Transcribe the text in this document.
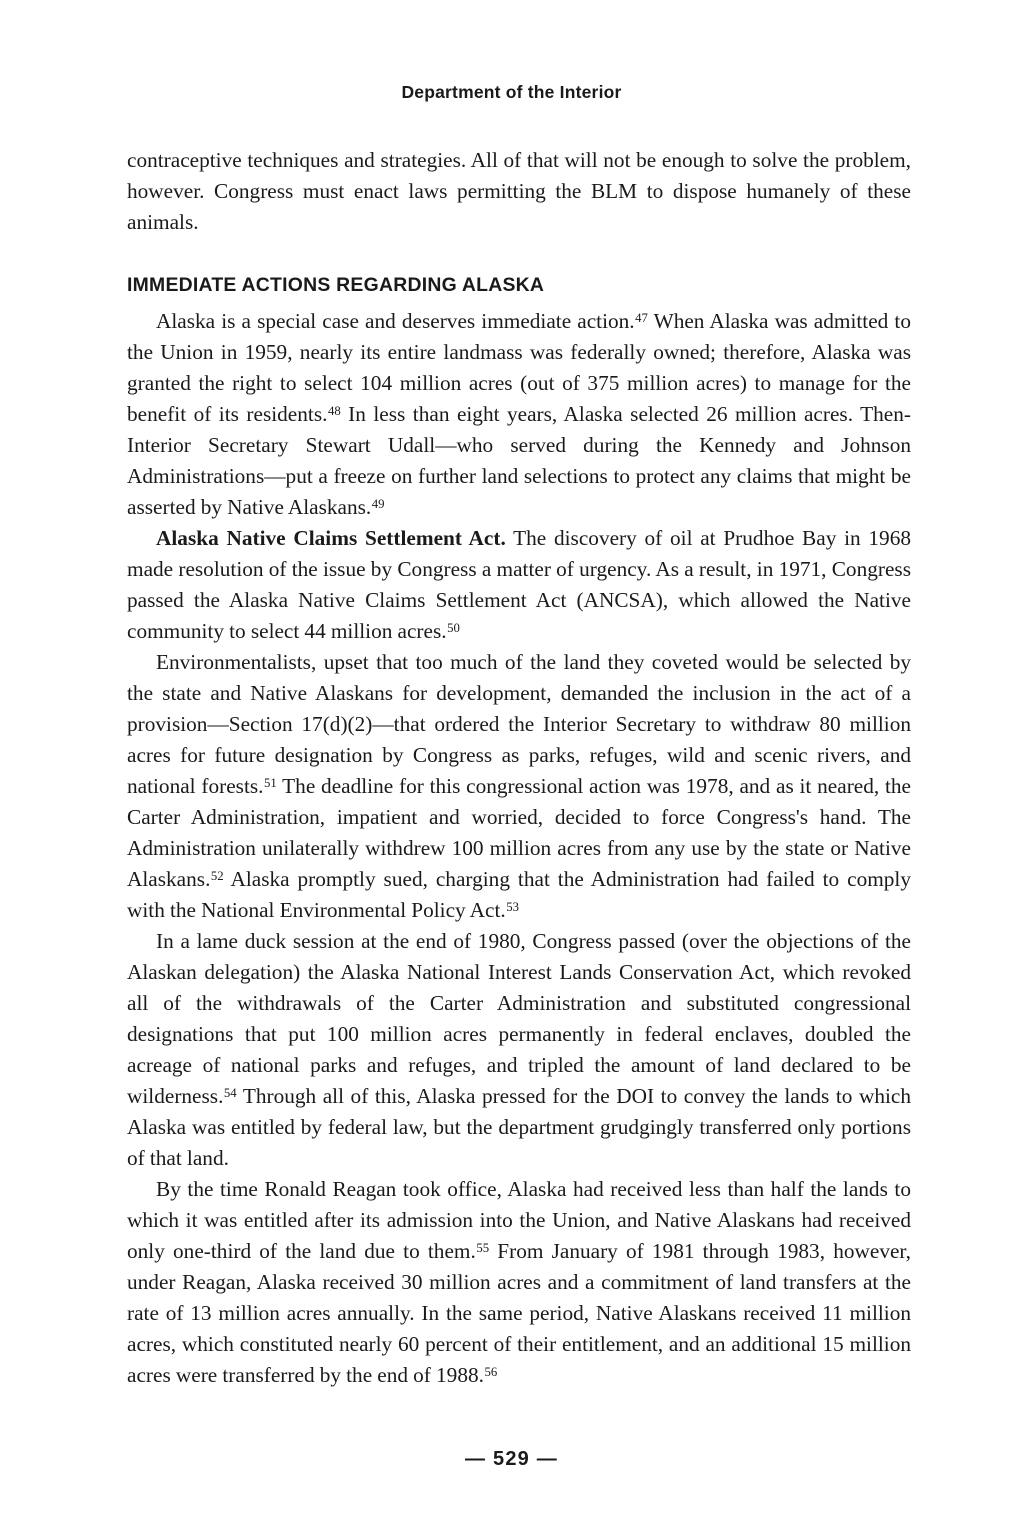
Department of the Interior

contraceptive techniques and strategies. All of that will not be enough to solve the problem, however. Congress must enact laws permitting the BLM to dispose humanely of these animals.

IMMEDIATE ACTIONS REGARDING ALASKA

Alaska is a special case and deserves immediate action.$^{47}$ When Alaska was admitted to the Union in 1959, nearly its entire landmass was federally owned; therefore, Alaska was granted the right to select 104 million acres (out of 375 million acres) to manage for the benefit of its residents.$^{48}$ In less than eight years, Alaska selected 26 million acres. Then-Interior Secretary Stewart Udall—who served during the Kennedy and Johnson Administrations—put a freeze on further land selections to protect any claims that might be asserted by Native Alaskans.$^{49}$

Alaska Native Claims Settlement Act. The discovery of oil at Prudhoe Bay in 1968 made resolution of the issue by Congress a matter of urgency. As a result, in 1971, Congress passed the Alaska Native Claims Settlement Act (ANCSA), which allowed the Native community to select 44 million acres.$^{50}$

Environmentalists, upset that too much of the land they coveted would be selected by the state and Native Alaskans for development, demanded the inclusion in the act of a provision—Section 17(d)(2)—that ordered the Interior Secretary to withdraw 80 million acres for future designation by Congress as parks, refuges, wild and scenic rivers, and national forests.$^{51}$ The deadline for this congressional action was 1978, and as it neared, the Carter Administration, impatient and worried, decided to force Congress's hand. The Administration unilaterally withdrew 100 million acres from any use by the state or Native Alaskans.$^{52}$ Alaska promptly sued, charging that the Administration had failed to comply with the National Environmental Policy Act.$^{53}$

In a lame duck session at the end of 1980, Congress passed (over the objections of the Alaskan delegation) the Alaska National Interest Lands Conservation Act, which revoked all of the withdrawals of the Carter Administration and substituted congressional designations that put 100 million acres permanently in federal enclaves, doubled the acreage of national parks and refuges, and tripled the amount of land declared to be wilderness.$^{54}$ Through all of this, Alaska pressed for the DOI to convey the lands to which Alaska was entitled by federal law, but the department grudgingly transferred only portions of that land.

By the time Ronald Reagan took office, Alaska had received less than half the lands to which it was entitled after its admission into the Union, and Native Alaskans had received only one-third of the land due to them.$^{55}$ From January of 1981 through 1983, however, under Reagan, Alaska received 30 million acres and a commitment of land transfers at the rate of 13 million acres annually. In the same period, Native Alaskans received 11 million acres, which constituted nearly 60 percent of their entitlement, and an additional 15 million acres were transferred by the end of 1988.56

— 529 —
